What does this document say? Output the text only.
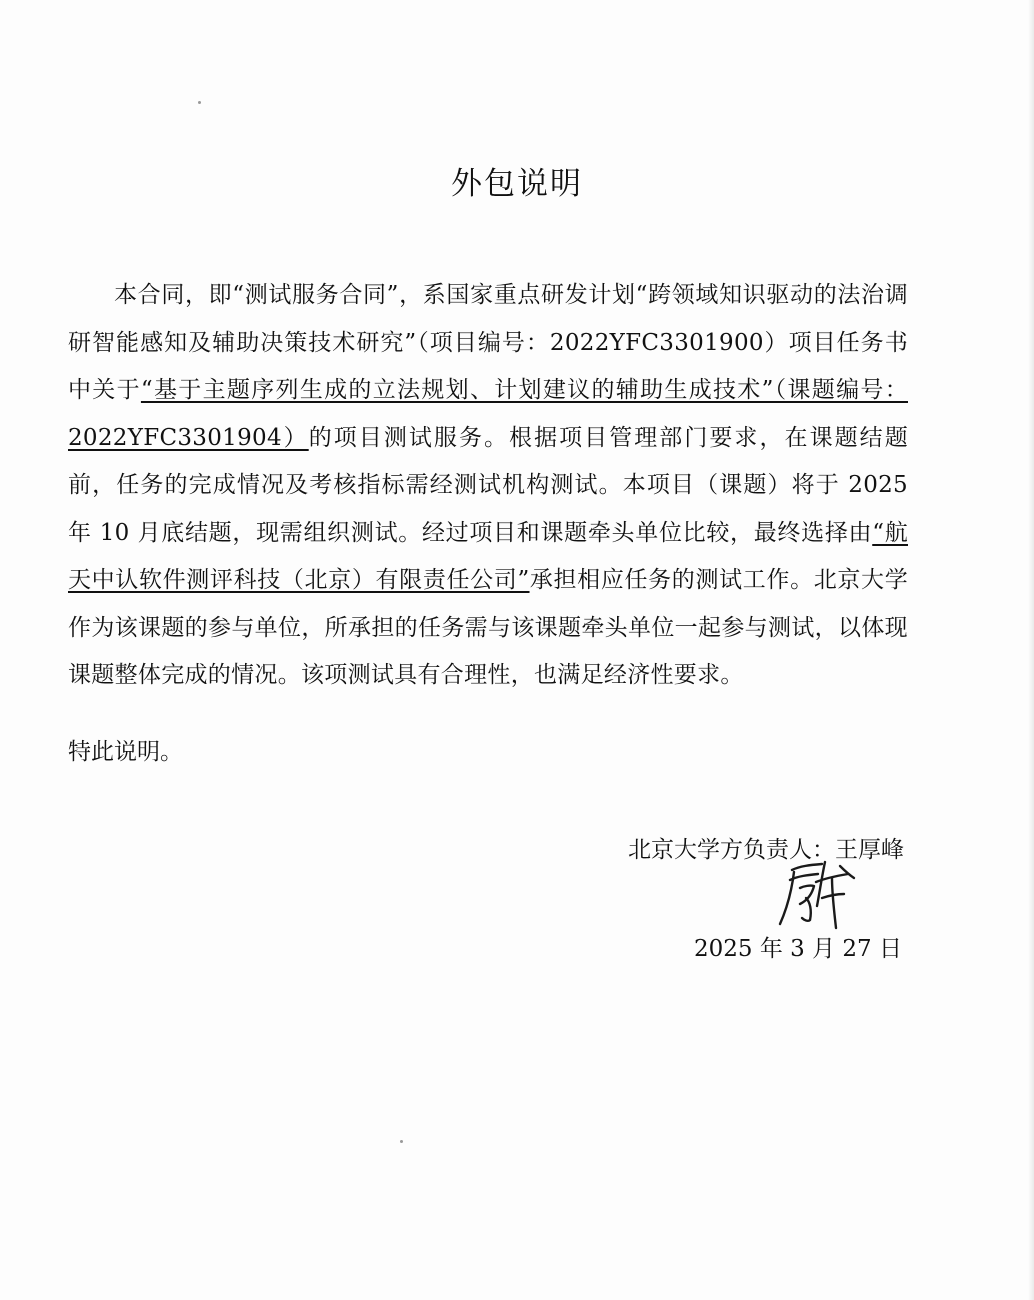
外包说明
本合同，即“测试服务合同”，系国家重点研发计划“跨领域知识驱动的法治调研智能感知及辅助决策技术研究”（项目编号：2022YFC3301900）项目任务书中关于“基于主题序列生成的立法规划、计划建议的辅助生成技术”（课题编号：2022YFC3301904）的项目测试服务。根据项目管理部门要求，在课题结题前，任务的完成情况及考核指标需经测试机构测试。本项目（课题）将于 2025 年 10 月底结题，现需组织测试。经过项目和课题牵头单位比较，最终选择由“航天中认软件测评科技（北京）有限责任公司”承担相应任务的测试工作。北京大学作为该课题的参与单位，所承担的任务需与该课题牵头单位一起参与测试，以体现课题整体完成的情况。该项测试具有合理性，也满足经济性要求。
特此说明。
北京大学方负责人：王厚峰
2025 年 3 月 27 日
